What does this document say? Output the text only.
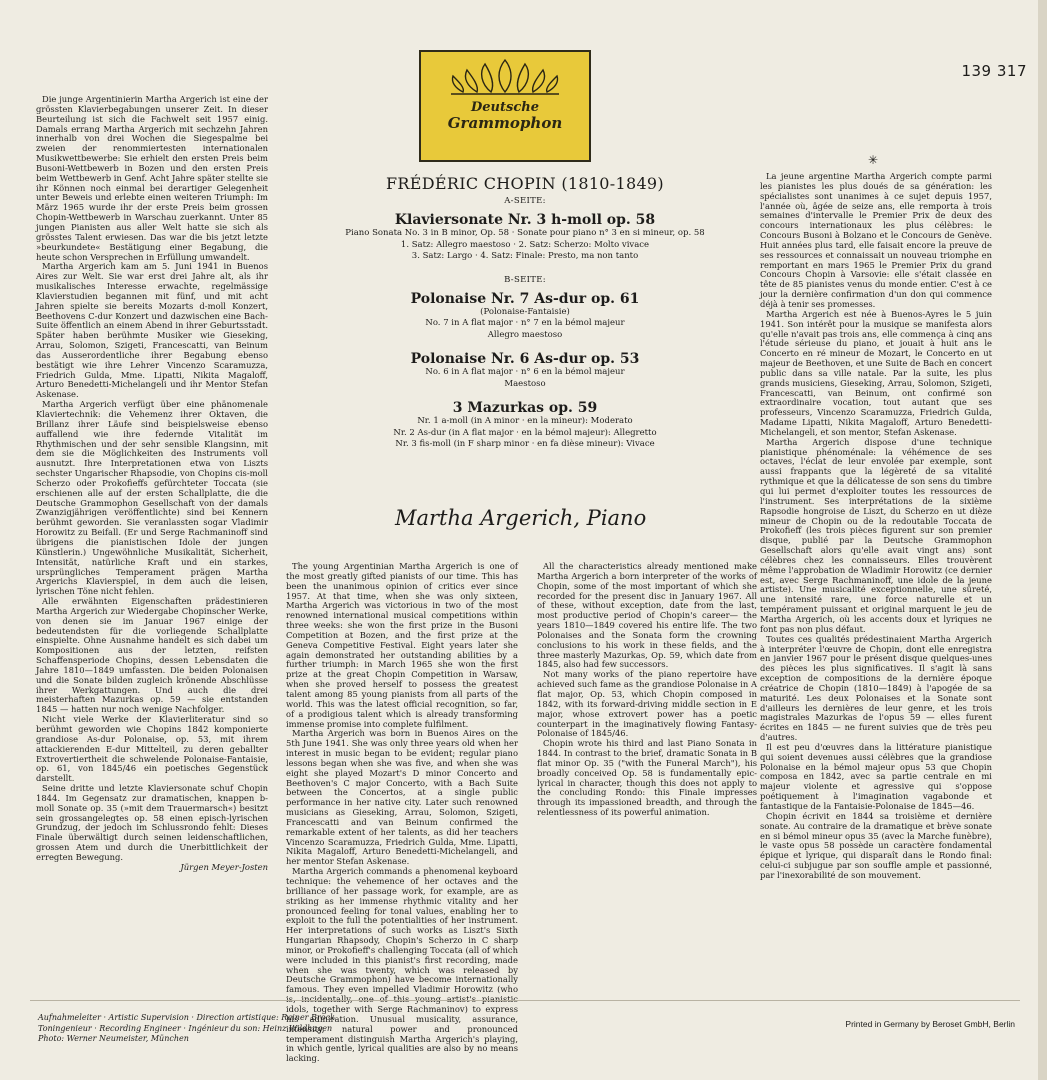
139 317
Deutsche
Grammophon
FRÉDÉRIC CHOPIN (1810-1849)
A-SEITE:
Klaviersonate Nr. 3 h-moll op. 58
Piano Sonata No. 3 in B minor, Op. 58 · Sonate pour piano n° 3 en si mineur, op. 58
1. Satz: Allegro maestoso · 2. Satz: Scherzo: Molto vivace
3. Satz: Largo · 4. Satz: Finale: Presto, ma non tanto
B-SEITE:
Polonaise Nr. 7 As-dur op. 61
(Polonaise-Fantaisie)
No. 7 in A flat major · n° 7 en la bémol majeur
Allegro maestoso
Polonaise Nr. 6 As-dur op. 53
No. 6 in A flat major · n° 6 en la bémol majeur
Maestoso
3 Mazurkas op. 59
Nr. 1 a-moll (in A minor · en la mineur): Moderato
Nr. 2 As-dur (in A flat major · en la bémol majeur): Allegretto
Nr. 3 fis-moll (in F sharp minor · en fa dièse mineur): Vivace
Martha Argerich, Piano

Die junge Argentinierin Martha Argerich ist eine der grössten Klavierbegabungen unserer Zeit. In dieser Beurteilung ist sich die Fachwelt seit 1957 einig. Damals errang Martha Argerich mit sechzehn Jahren innerhalb von drei Wochen die Siegespalme bei zweien der renommiertesten internationalen Musikwettbewerbe: Sie erhielt den ersten Preis beim Busoni-Wettbewerb in Bozen und den ersten Preis beim Wettbewerb in Genf. Acht Jahre später stellte sie ihr Können noch einmal bei derartiger Gelegenheit unter Beweis und erlebte einen weiteren Triumph: Im März 1965 wurde ihr der erste Preis beim grossen Chopin-Wettbewerb in Warschau zuerkannt. Unter 85 jungen Pianisten aus aller Welt hatte sie sich als grösstes Talent erwiesen. Das war die bis jetzt letzte »beurkundete« Bestätigung einer Begabung, die heute schon Versprechen in Erfüllung umwandelt.

Martha Argerich kam am 5. Juni 1941 in Buenos Aires zur Welt. Sie war erst drei Jahre alt, als ihr musikalisches Interesse erwachte, regelmässige Klavierstudien begannen mit fünf, und mit acht Jahren spielte sie bereits Mozarts d-moll Konzert, Beethovens C-dur Konzert und dazwischen eine Bach-Suite öffentlich an einem Abend in ihrer Geburtsstadt. Später haben berühmte Musiker wie Gieseking, Arrau, Solomon, Szigeti, Francescatti, van Beinum das Ausserordentliche ihrer Begabung ebenso bestätigt wie ihre Lehrer Vincenzo Scaramuzza, Friedrich Gulda, Mme. Lipatti, Nikita Magaloff, Arturo Benedetti-Michelangeli und ihr Mentor Stefan Askenase.

Martha Argerich verfügt über eine phänomenale Klaviertechnik: die Vehemenz ihrer Oktaven, die Brillanz ihrer Läufe sind beispielsweise ebenso auffallend wie ihre federnde Vitalität im Rhythmischen und der sehr sensible Klangsinn, mit dem sie die Möglichkeiten des Instruments voll ausnutzt. Ihre Interpretationen etwa von Liszts sechster Ungarischer Rhapsodie, von Chopins cis-moll Scherzo oder Prokofieffs gefürchteter Toccata (sie erschienen alle auf der ersten Schallplatte, die die Deutsche Grammophon Gesellschaft von der damals Zwanzigjährigen veröffentlichte) sind bei Kennern berühmt geworden. Sie veranlassten sogar Vladimir Horowitz zu Beifall. (Er und Serge Rachmaninoff sind übrigens die pianistischen Idole der jungen Künstlerin.) Ungewöhnliche Musikalität, Sicherheit, Intensität, natürliche Kraft und ein starkes, ursprüngliches Temperament prägen Martha Argerichs Klavierspiel, in dem auch die leisen, lyrischen Töne nicht fehlen.

Alle erwähnten Eigenschaften prädestinieren Martha Argerich zur Wiedergabe Chopinscher Werke, von denen sie im Januar 1967 einige der bedeutendsten für die vorliegende Schallplatte einspielte. Ohne Ausnahme handelt es sich dabei um Kompositionen aus der letzten, reifsten Schaffensperiode Chopins, dessen Lebensdaten die Jahre 1810—1849 umfassten. Die beiden Polonaisen und die Sonate bilden zugleich krönende Abschlüsse ihrer Werkgattungen. Und auch die drei meisterhaften Mazurkas op. 59 — sie entstanden 1845 — hatten nur noch wenige Nachfolger.

Nicht viele Werke der Klavierliteratur sind so berühmt geworden wie Chopins 1842 komponierte grandiose As-dur Polonaise, op. 53, mit ihrem attackierenden E-dur Mittelteil, zu deren geballter Extrovertiertheit die schwelende Polonaise-Fantaisie, op. 61, von 1845/46 ein poetisches Gegenstück darstellt.

Seine dritte und letzte Klaviersonate schuf Chopin 1844. Im Gegensatz zur dramatischen, knappen b-moll Sonate op. 35 (»mit dem Trauermarsch«) besitzt sein grossangelegtes op. 58 einen episch-lyrischen Grundzug, der jedoch im Schlussrondo fehlt: Dieses Finale überwältigt durch seinen leidenschaftlichen, grossen Atem und durch die Unerbittlichkeit der erregten Bewegung.

Jürgen Meyer-Josten

The young Argentinian Martha Argerich is one of the most greatly gifted pianists of our time. This has been the unanimous opinion of critics ever since 1957. At that time, when she was only sixteen, Martha Argerich was victorious in two of the most renowned international musical competitions within three weeks: she won the first prize in the Busoni Competition at Bozen, and the first prize at the Geneva Competitive Festival. Eight years later she again demonstrated her outstanding abilities by a further triumph: in March 1965 she won the first prize at the great Chopin Competition in Warsaw, when she proved herself to possess the greatest talent among 85 young pianists from all parts of the world. This was the latest official recognition, so far, of a prodigious talent which is already transforming immense promise into complete fulfilment.

Martha Argerich was born in Buenos Aires on the 5th June 1941. She was only three years old when her interest in music began to be evident; regular piano lessons began when she was five, and when she was eight she played Mozart's D minor Concerto and Beethoven's C major Concerto, with a Bach Suite between the Concertos, at a single public performance in her native city. Later such renowned musicians as Gieseking, Arrau, Solomon, Szigeti, Francescatti and van Beinum confirmed the remarkable extent of her talents, as did her teachers Vincenzo Scaramuzza, Friedrich Gulda, Mme. Lipatti, Nikita Magaloff, Arturo Benedetti-Michelangeli, and her mentor Stefan Askenase.

Martha Argerich commands a phenomenal keyboard technique: the vehemence of her octaves and the brilliance of her passage work, for example, are as striking as her immense rhythmic vitality and her pronounced feeling for tonal values, enabling her to exploit to the full the potentialities of her instrument. Her interpretations of such works as Liszt's Sixth Hungarian Rhapsody, Chopin's Scherzo in C sharp minor, or Prokofieff's challenging Toccata (all of which were included in this pianist's first recording, made when she was twenty, which was released by Deutsche Grammophon) have become internationally famous. They even impelled Vladimir Horowitz (who idols, together with Serge Rachmaninov) to express his admiration. Unusual musicality, assurance, intensity, natural power and pronounced temperament distinguish Martha Argerich's playing, in which gentle, lyrical qualities are also by no means lacking.

All the characteristics already mentioned make Martha Argerich a born interpreter of the works of Chopin, some of the most important of which she recorded for the present disc in January 1967. All of these, without exception, date from the last, most productive period of Chopin's career— the years 1810—1849 covered his entire life. The two Polonaises and the Sonata form the crowning conclusions to his work in these fields, and the three masterly Mazurkas, Op. 59, which date from 1845, also had few successors.

Not many works of the piano repertoire have achieved such fame as the grandiose Polonaise in A flat major, Op. 53, which Chopin composed in 1842, with its forward-driving middle section in E major, whose extrovert power has a poetic counterpart in the imaginatively flowing Fantasy-Polonaise of 1845/46.

Chopin wrote his third and last Piano Sonata in 1844. In contrast to the brief, dramatic Sonata in B flat minor Op. 35 ("with the Funeral March"), his broadly conceived Op. 58 is fundamentally epic-lyrical in character, though this does not apply to the concluding Rondo: this Finale impresses through its impassioned breadth, and through the relentlessness of its powerful animation.

✳

La jeune argentine Martha Argerich compte parmi les pianistes les plus doués de sa génération: les spécialistes sont unanimes à ce sujet depuis 1957, l'année où, âgée de seize ans, elle remporta à trois semaines d'intervalle le Premier Prix de deux des concours internationaux les plus célèbres: le Concours Busoni à Bolzano et le Concours de Genève. Huit années plus tard, elle faisait encore la preuve de ses ressources et connaissait un nouveau triomphe en remportant en mars 1965 le Premier Prix du grand Concours Chopin à Varsovie: elle s'était classée en tête de 85 pianistes venus du monde entier. C'est à ce jour la dernière confirmation d'un don qui commence déjà à tenir ses promesses.

Martha Argerich est née à Buenos-Ayres le 5 juin 1941. Son intérêt pour la musique se manifesta alors qu'elle n'avait pas trois ans, elle commença à cinq ans l'étude sérieuse du piano, et jouait à huit ans le Concerto en ré mineur de Mozart, le Concerto en ut majeur de Beethoven, et une Suite de Bach en concert public dans sa ville natale. Par la suite, les plus grands musiciens, Gieseking, Arrau, Solomon, Szigeti, Francescatti, van Beinum, ont confirmé son extraordinaire vocation, tout autant que ses professeurs, Vincenzo Scaramuzza, Friedrich Gulda, Madame Lipatti, Nikita Magaloff, Arturo Benedetti-Michelangeli, et son mentor, Stefan Askenase.

Martha Argerich dispose d'une technique pianistique phénoménale: la véhémence de ses octaves, l'éclat de leur envolée par exemple, sont aussi frappants que la légèreté de sa vitalité rythmique et que la délicatesse de son sens du timbre qui lui permet d'exploiter toutes les ressources de l'instrument. Ses interprétations de la sixième Rapsodie hongroise de Liszt, du Scherzo en ut dièze mineur de Chopin ou de la redoutable Toccata de Prokofieff (les trois pièces figurent sur son premier disque, publié par la Deutsche Grammophon Gesellschaft alors qu'elle avait vingt ans) sont célèbres chez les connaisseurs. Elles trouvèrent même l'approbation de Wladimir Horowitz (ce dernier est, avec Serge Rachmaninoff, une idole de la jeune artiste). Une musicalité exceptionnelle, une sûreté, une intensité rare, une force naturelle et un tempérament puissant et original marquent le jeu de Martha Argerich, où les accents doux et lyriques ne font pas non plus défaut.

Toutes ces qualités prédestinaient Martha Argerich à interpréter l'œuvre de Chopin, dont elle enregistra en janvier 1967 pour le présent disque quelques-unes des pièces les plus significatives. Il s'agit là sans exception de compositions de la dernière époque créatrice de Chopin (1810—1849) à l'apogée de sa maturité. Les deux Polonaises et la Sonate sont d'ailleurs les dernières de leur genre, et les trois magistrales Mazurkas de l'opus 59 — elles furent écrites en 1845 — ne furent suivies que de très peu d'autres.

Il est peu d'œuvres dans la littérature pianistique qui soient devenues aussi célèbres que la grandiose Polonaise en la bémol majeur opus 53 que Chopin composa en 1842, avec sa partie centrale en mi majeur violente et agressive qui s'oppose poétiquement à l'imagination vagabonde et fantastique de la Fantaisie-Polonaise de 1845—46.

Chopin écrivit en 1844 sa troisième et dernière sonate. Au contraire de la dramatique et brève sonate en si bémol mineur opus 35 (avec la Marche funèbre), le vaste opus 58 possède un caractère fondamental épique et lyrique, qui disparaît dans le Rondo final: celui-ci subjugue par son souffle ample et passionné, par l'inexorabilité de son mouvement.

Aufnahmeleiter · Artistic Supervision · Direction artistique: Rainer Brock
Toningenieur · Recording Engineer · Ingénieur du son: Heinz Wildhagen
Photo: Werner Neumeister, München
Printed in Germany by Beroset GmbH, Berlin
